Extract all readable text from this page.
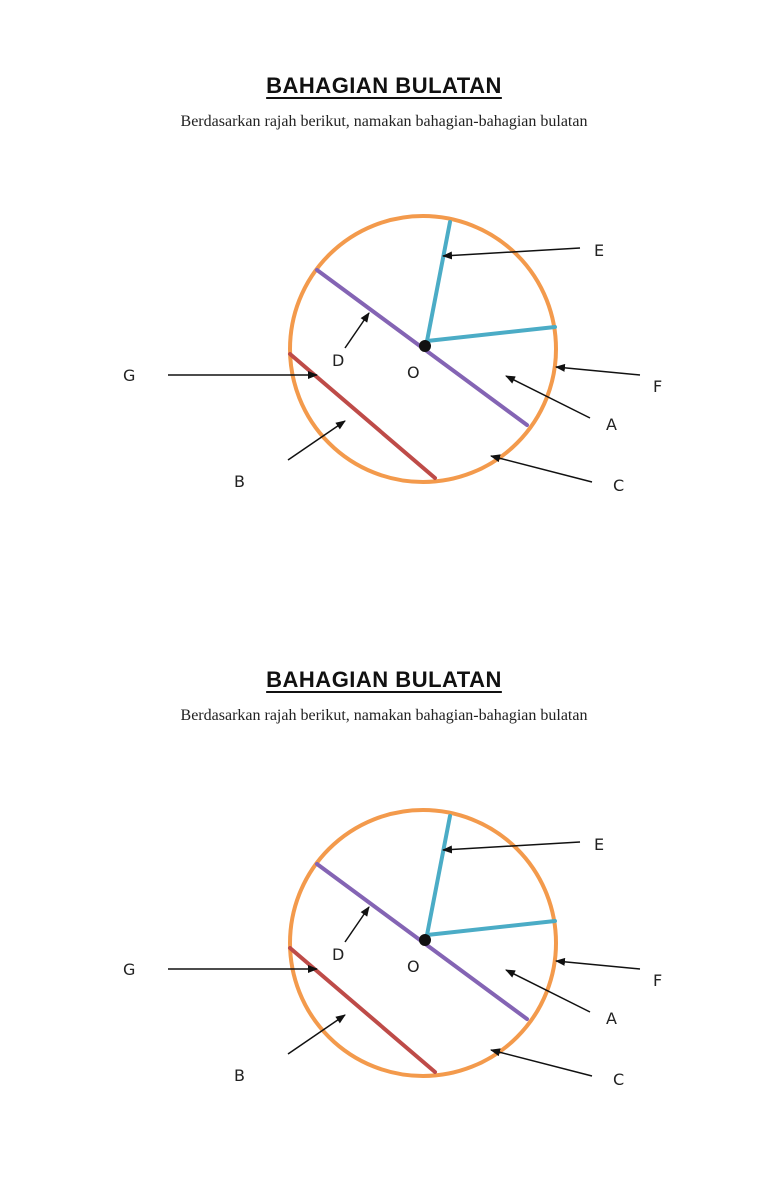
BAHAGIAN BULATAN
Berdasarkan rajah berikut, namakan bahagian-bahagian bulatan
E
D
O
G
F
A
B	C
BAHAGIAN BULATAN
Berdasarkan rajah berikut, namakan bahagian-bahagian bulatan
E
D
O
G
F
A
B	C
